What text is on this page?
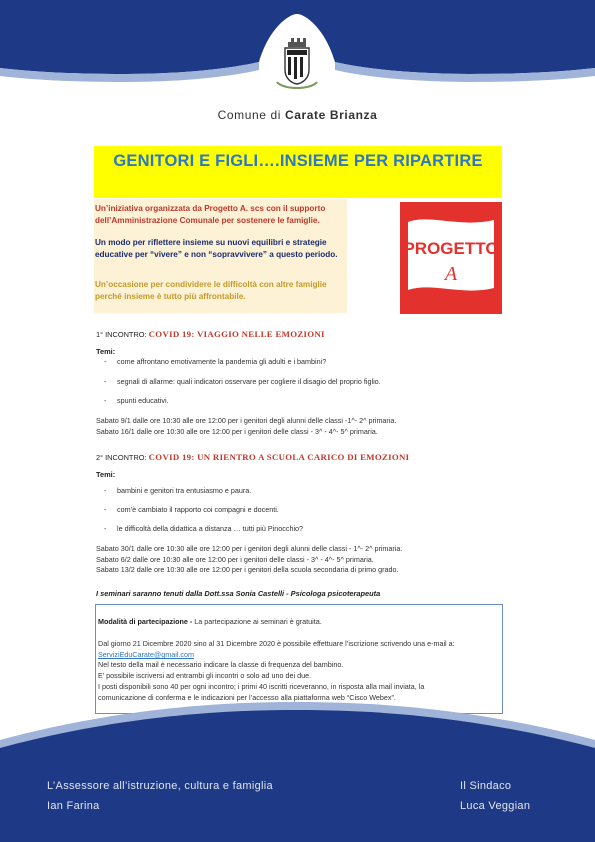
Comune di Carate Brianza
GENITORI E FIGLI….INSIEME PER RIPARTIRE
Un’iniziativa organizzata da Progetto A. scs con il supporto dell’Amministrazione Comunale per sostenere le famiglie.
Un modo per riflettere insieme su nuovi equilibri e strategie educative per “vivere” e non “sopravvivere” a questo periodo.
Un’occasione per condividere le difficoltà con altre famiglie perché insieme è tutto più affrontabile.
PROGETTO
A
1° INCONTRO: COVID 19: VIAGGIO NELLE EMOZIONI
Temi:
- come affrontano emotivamente la pandemia gli adulti e i bambini?
- segnali di allarme: quali indicatori osservare per cogliere il disagio del proprio figlio.
- spunti educativi.
Sabato 9/1 dalle ore 10:30 alle ore 12:00 per i genitori degli alunni delle classi -1^- 2^ primaria.
Sabato 16/1 dalle ore 10:30 alle ore 12:00 per i genitori delle classi - 3^ - 4^- 5^ primaria.
2° INCONTRO: COVID 19: UN RIENTRO A SCUOLA CARICO DI EMOZIONI
Temi:
- bambini e genitori tra entusiasmo e paura.
- com’è cambiato il rapporto coi compagni e docenti.
- le difficoltà della didattica a distanza … tutti più Pinocchio?
Sabato 30/1 dalle ore 10:30 alle ore 12:00 per i genitori degli alunni delle classi - 1^- 2^ primaria.
Sabato 6/2 dalle ore 10:30 alle ore 12:00 per i genitori delle classi - 3^ - 4^- 5^ primaria.
Sabato 13/2 dalle ore 10:30 alle ore 12:00 per i genitori della scuola secondaria di primo grado.
I seminari saranno tenuti dalla Dott.ssa Sonia Castelli - Psicologa psicoterapeuta
Modalità di partecipazione - La partecipazione ai seminari è gratuita.
Dal giorno 21 Dicembre 2020 sino al 31 Dicembre 2020 è possibile effettuare l’iscrizione scrivendo una e-mail a:
ServiziEduCarate@gmail.com
Nel testo della mail è necessario indicare la classe di frequenza del bambino.
E’ possibile iscriversi ad entrambi gli incontri o solo ad uno dei due.
I posti disponibili sono 40 per ogni incontro; i primi 40 iscritti riceveranno, in risposta alla mail inviata, la
comunicazione di conferma e le indicazioni per l’accesso alla piattaforma web “Cisco Webex”.
L’Assessore all’istruzione, cultura e famiglia
Ian Farina
Il Sindaco
Luca Veggian
